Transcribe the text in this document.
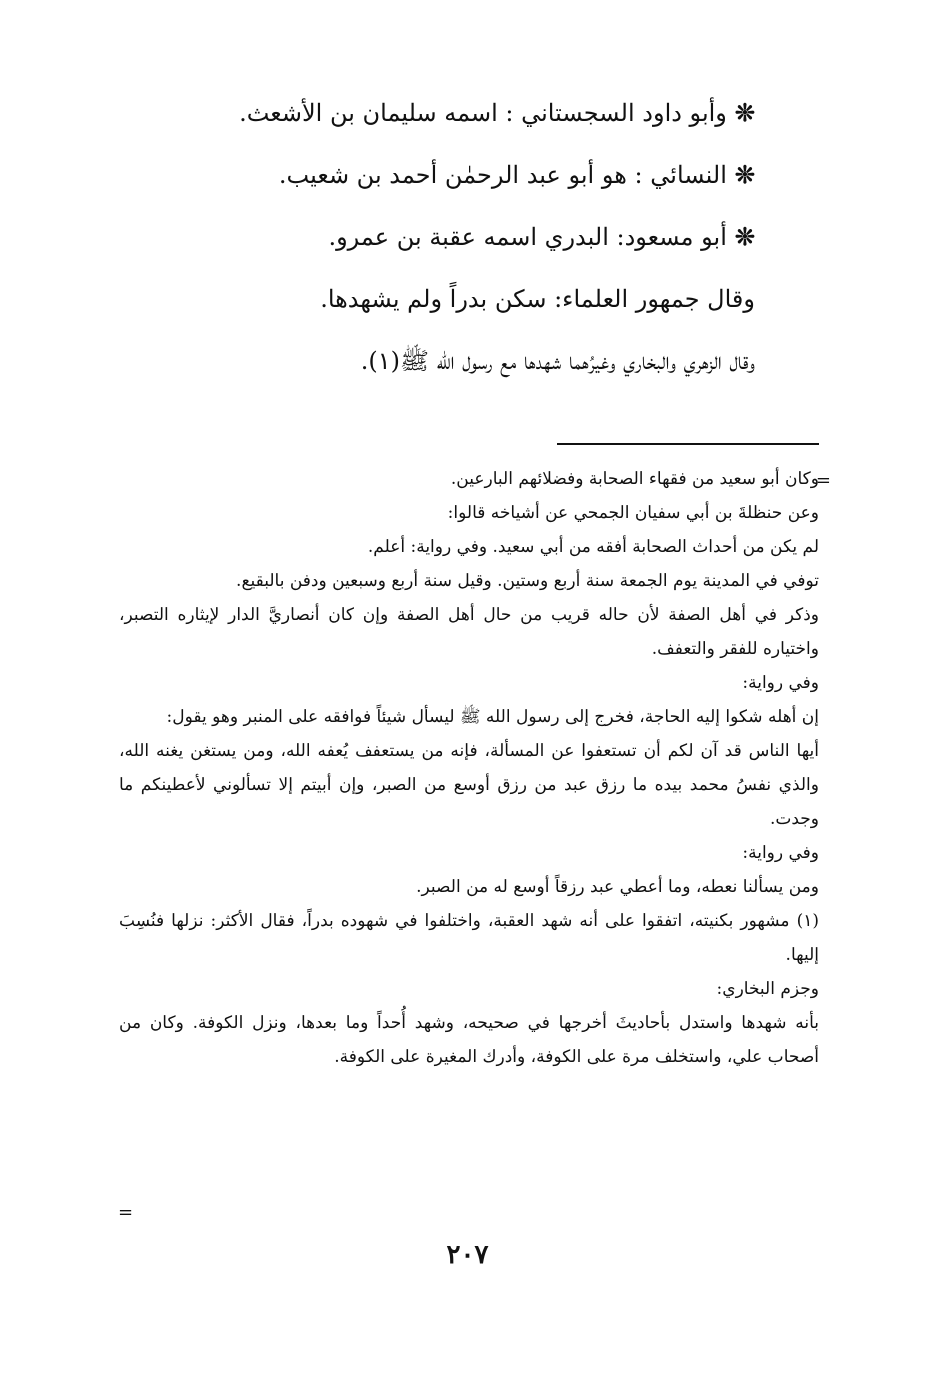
❊وأبو داود السجستاني : اسمه سليمان بن الأشعث.

❊النسائي : هو أبو عبد الرحمٰن أحمد بن شعيب.

❊أبو مسعود: البدري اسمه عقبة بن عمرو.

وقال جمهور العلماء: سكن بدراً ولم يشهدها.

وقال الزهري والبخاري وغيرُهما شهدها مع رسول الله ﷺ(١).

=

وكان أبو سعيد من فقهاء الصحابة وفضلائهم البارعين.

وعن حنظلةَ بن أبي سفيان الجمحي عن أشياخه قالوا:

لم يكن من أحداث الصحابة أفقه من أبي سعيد. وفي رواية: أعلم.

توفي في المدينة يوم الجمعة سنة أربع وستين. وقيل سنة أربع وسبعين ودفن بالبقيع.

وذكر في أهل الصفة لأن حاله قريب من حال أهل الصفة وإن كان أنصاريَّ الدار لإيثاره التصبر، واختياره للفقر والتعفف.

وفي رواية:

إن أهله شكوا إليه الحاجة، فخرج إلى رسول الله ﷺ ليسأل شيئاً فوافقه على المنبر وهو يقول:

أيها الناس قد آن لكم أن تستعفوا عن المسألة، فإنه من يستعفف يُعفه الله، ومن يستغن يغنه الله، والذي نفسُ محمد بيده ما رزق عبد من رزق أوسع من الصبر، وإن أبيتم إلا تسألوني لأعطينكم ما وجدت.

وفي رواية:

ومن يسألنا نعطه، وما أعطي عبد رزقاً أوسع له من الصبر.

(١) مشهور بكنيته، اتفقوا على أنه شهد العقبة، واختلفوا في شهوده بدراً، فقال الأكثر: نزلها فنُسِبَ إليها.

وجزم البخاري:

بأنه شهدها واستدل بأحاديثَ أخرجها في صحيحه، وشهد أُحداً وما بعدها، ونزل الكوفة. وكان من أصحاب علي، واستخلف مرة على الكوفة، وأدرك المغيرة على الكوفة.

=
٢٠٧
